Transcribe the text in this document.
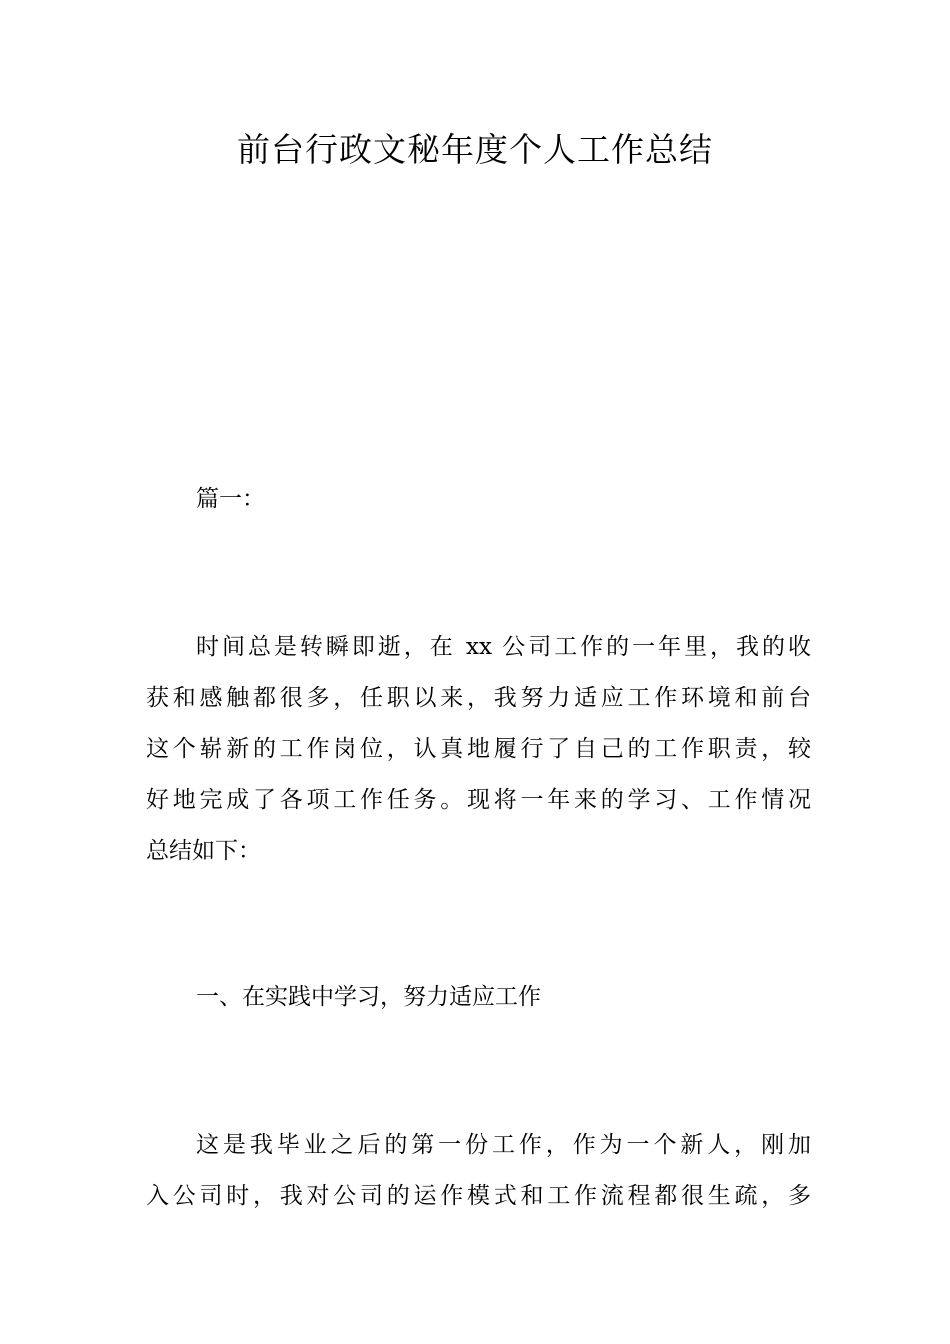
前台行政文秘年度个人工作总结
篇一：
时间总是转瞬即逝，在 xx 公司工作的一年里，我的收
获和感触都很多，任职以来，我努力适应工作环境和前台
这个崭新的工作岗位，认真地履行了自己的工作职责，较
好地完成了各项工作任务。现将一年来的学习、工作情况
总结如下：
一、在实践中学习，努力适应工作
这是我毕业之后的第一份工作，作为一个新人，刚加
入公司时，我对公司的运作模式和工作流程都很生疏，多
